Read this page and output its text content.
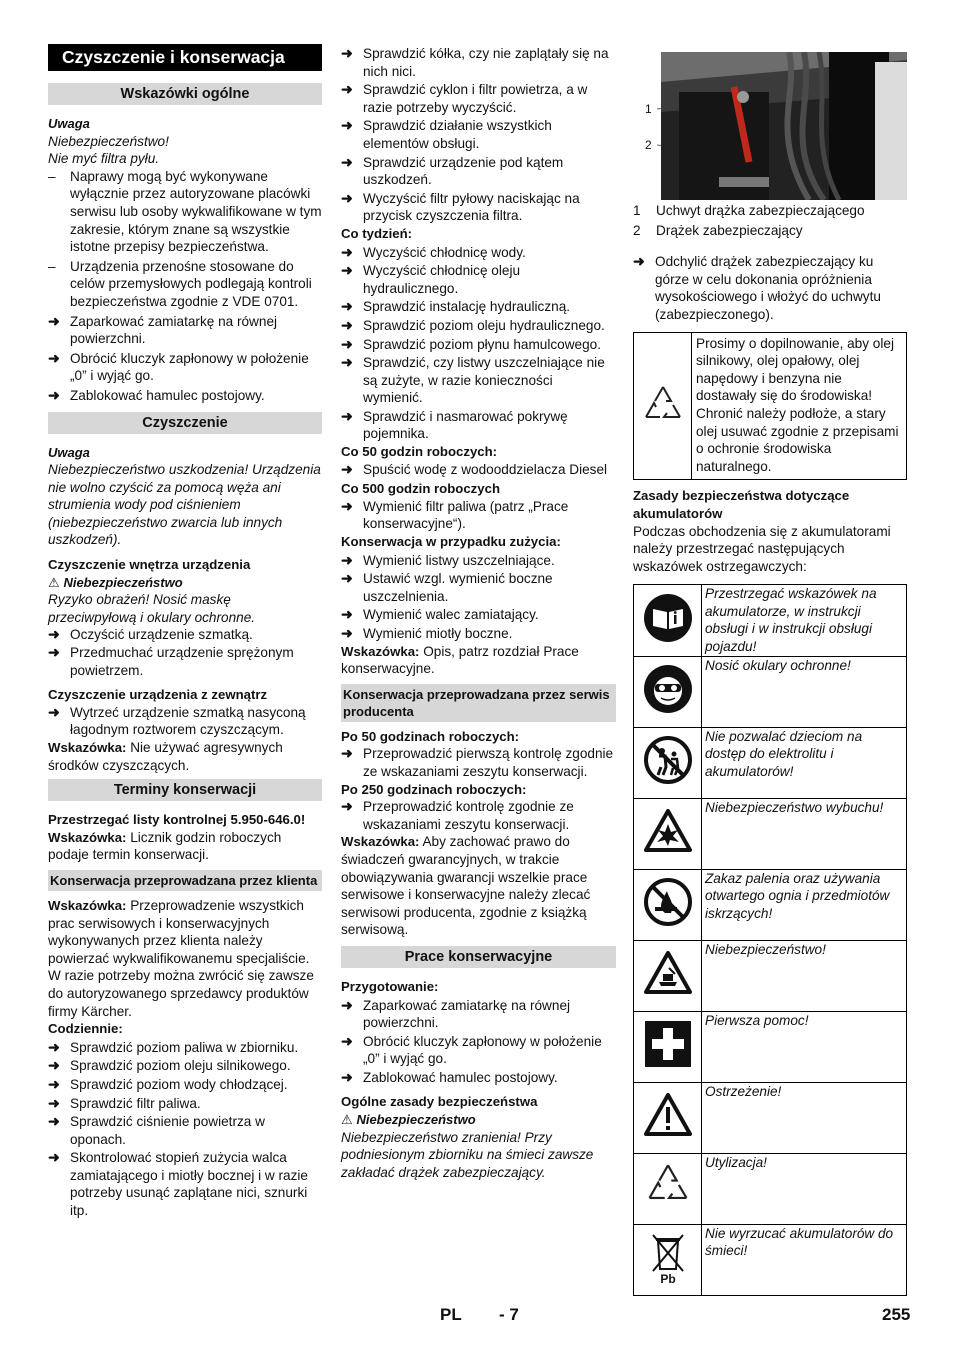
Czyszczenie i konserwacja
Wskazówki ogólne
Uwaga
Niebezpieczeństwo!
Nie myć filtra pyłu.
– Naprawy mogą być wykonywane wyłącznie przez autoryzowane placówki serwisu lub osoby wykwalifikowane w tym zakresie, którym znane są wszystkie istotne przepisy bezpieczeństwa.
– Urządzenia przenośne stosowane do celów przemysłowych podlegają kontroli bezpieczeństwa zgodnie z VDE 0701.
➜ Zaparkować zamiatarkę na równej powierzchni.
➜ Obrócić kluczyk zapłonowy w położenie „0” i wyjąć go.
➜ Zablokować hamulec postojowy.
Czyszczenie
Uwaga
Niebezpieczeństwo uszkodzenia! Urządzenia nie wolno czyścić za pomocą węża ani strumienia wody pod ciśnieniem (niebezpieczeństwo zwarcia lub innych uszkodzeń).
Czyszczenie wnętrza urządzenia
⚠ Niebezpieczeństwo
Ryzyko obrażeń! Nosić maskę przeciwpyłową i okulary ochronne.
➜ Oczyścić urządzenie szmatką.
➜ Przedmuchać urządzenie sprężonym powietrzem.
Czyszczenie urządzenia z zewnątrz
➜ Wytrzeć urządzenie szmatką nasyconą łagodnym roztworem czyszczącym.
Wskazówka: Nie używać agresywnych środków czyszczących.
Terminy konserwacji
Przestrzegać listy kontrolnej 5.950-646.0!
Wskazówka: Licznik godzin roboczych podaje termin konserwacji.
Konserwacja przeprowadzana przez klienta
Wskazówka: Przeprowadzenie wszystkich prac serwisowych i konserwacyjnych wykonywanych przez klienta należy powierzać wykwalifikowanemu specjaliście. W razie potrzeby można zwrócić się zawsze do autoryzowanego sprzedawcy produktów firmy Kärcher.
Codziennie:
➜ Sprawdzić poziom paliwa w zbiorniku.
➜ Sprawdzić poziom oleju silnikowego.
➜ Sprawdzić poziom wody chłodzącej.
➜ Sprawdzić filtr paliwa.
➜ Sprawdzić ciśnienie powietrza w oponach.
➜ Skontrolować stopień zużycia walca zamiatającego i miotły bocznej i w razie potrzeby usunąć zaplątane nici, sznurki itp.
➜ Sprawdzić kółka, czy nie zaplątały się na nich nici.
➜ Sprawdzić cyklon i filtr powietrza, a w razie potrzeby wyczyścić.
➜ Sprawdzić działanie wszystkich elementów obsługi.
➜ Sprawdzić urządzenie pod kątem uszkodzeń.
➜ Wyczyścić filtr pyłowy naciskając na przycisk czyszczenia filtra.
Co tydzień:
➜ Wyczyścić chłodnicę wody.
➜ Wyczyścić chłodnicę oleju hydraulicznego.
➜ Sprawdzić instalację hydrauliczną.
➜ Sprawdzić poziom oleju hydraulicznego.
➜ Sprawdzić poziom płynu hamulcowego.
➜ Sprawdzić, czy listwy uszczelniające nie są zużyte, w razie konieczności wymienić.
➜ Sprawdzić i nasmarować pokrywę pojemnika.
Co 50 godzin roboczych:
➜ Spuścić wodę z wodooddzielacza Diesel
Co 500 godzin roboczych
➜ Wymienić filtr paliwa (patrz „Prace konserwacyjne“).
Konserwacja w przypadku zużycia:
➜ Wymienić listwy uszczelniające.
➜ Ustawić wzgl. wymienić boczne uszczelnienia.
➜ Wymienić walec zamiatający.
➜ Wymienić miotły boczne.
Wskazówka: Opis, patrz rozdział Prace konserwacyjne.
Konserwacja przeprowadzana przez serwis producenta
Po 50 godzinach roboczych:
➜ Przeprowadzić pierwszą kontrolę zgodnie ze wskazaniami zeszytu konserwacji.
Po 250 godzinach roboczych:
➜ Przeprowadzić kontrolę zgodnie ze wskazaniami zeszytu konserwacji.
Wskazówka: Aby zachować prawo do świadczeń gwarancyjnych, w trakcie obowiązywania gwarancji wszelkie prace serwisowe i konserwacyjne należy zlecać serwisowi producenta, zgodnie z książką serwisową.
Prace konserwacyjne
Przygotowanie:
➜ Zaparkować zamiatarkę na równej powierzchni.
➜ Obrócić kluczyk zapłonowy w położenie „0” i wyjąć go.
➜ Zablokować hamulec postojowy.
Ogólne zasady bezpieczeństwa
⚠ Niebezpieczeństwo
Niebezpieczeństwo zranienia! Przy podniesionym zbiorniku na śmieci zawsze zakładać drążek zabezpieczający.
1
2
1	Uchwyt drążka zabezpieczającego
2	Drążek zabezpieczający
➜ Odchylić drążek zabezpieczający ku górze w celu dokonania opróżnienia wysokościowego i włożyć do uchwytu (zabezpieczonego).
Prosimy o dopilnowanie, aby olej silnikowy, olej opałowy, olej napędowy i benzyna nie dostawały się do środowiska! Chronić należy podłoże, a stary olej usuwać zgodnie z przepisami o ochronie środowiska naturalnego.
Zasady bezpieczeństwa dotyczące akumulatorów
Podczas obchodzenia się z akumulatorami należy przestrzegać następujących wskazówek ostrzegawczych:
	Przestrzegać wskazówek na akumulatorze, w instrukcji obsługi i w instrukcji obsługi pojazdu!
	Nosić okulary ochronne!
	Nie pozwalać dzieciom na dostęp do elektrolitu i akumulatorów!
	Niebezpieczeństwo wybuchu!
	Zakaz palenia oraz używania otwartego ognia i przedmiotów iskrzących!
	Niebezpieczeństwo!
	Pierwsza pomoc!
	Ostrzeżenie!
	Utylizacja!

Pb	Nie wyrzucać akumulatorów do śmieci!
PL - 7	255
